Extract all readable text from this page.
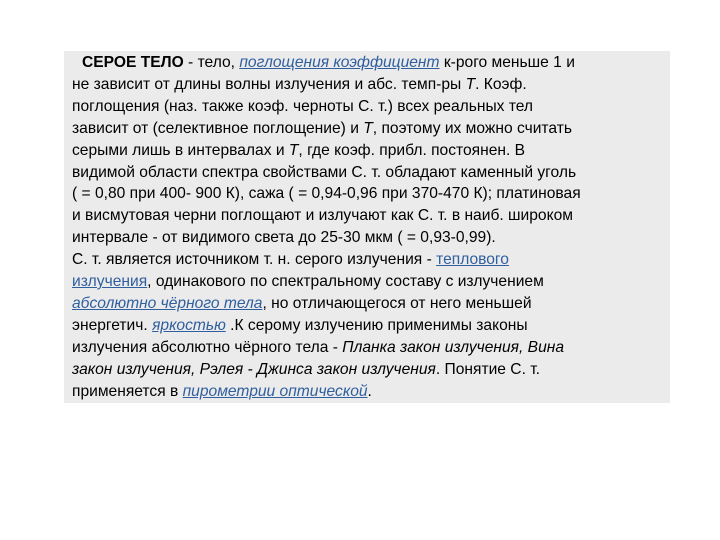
СЕРОЕ ТЕЛО - тело, поглощения коэффициент к-рого меньше 1 и
не зависит от длины волны излучения и абс. темп-ры Т. Коэф.
поглощения (наз. также коэф. черноты С. т.) всех реальных тел
зависит от (селективное поглощение) и Т, поэтому их можно считать
серыми лишь в интервалах и Т, где коэф. прибл. постоянен. В
видимой области спектра свойствами С. т. обладают каменный уголь
( = 0,80 при 400- 900 К), сажа ( = 0,94-0,96 при 370-470 К); платиновая
и висмутовая черни поглощают и излучают как С. т. в наиб. широком
интервале - от видимого света до 25-30 мкм ( = 0,93-0,99).
С. т. является источником т. н. серого излучения - теплового
излучения, одинакового по спектральному составу с излучением
абсолютно чёрного тела, но отличающегося от него меньшей
энергетич. яркостью .К серому излучению применимы законы
излучения абсолютно чёрного тела - Планка закон излучения, Вина
закон излучения, Рэлея - Джинса закон излучения. Понятие С. т.
применяется в пирометрии оптической.
